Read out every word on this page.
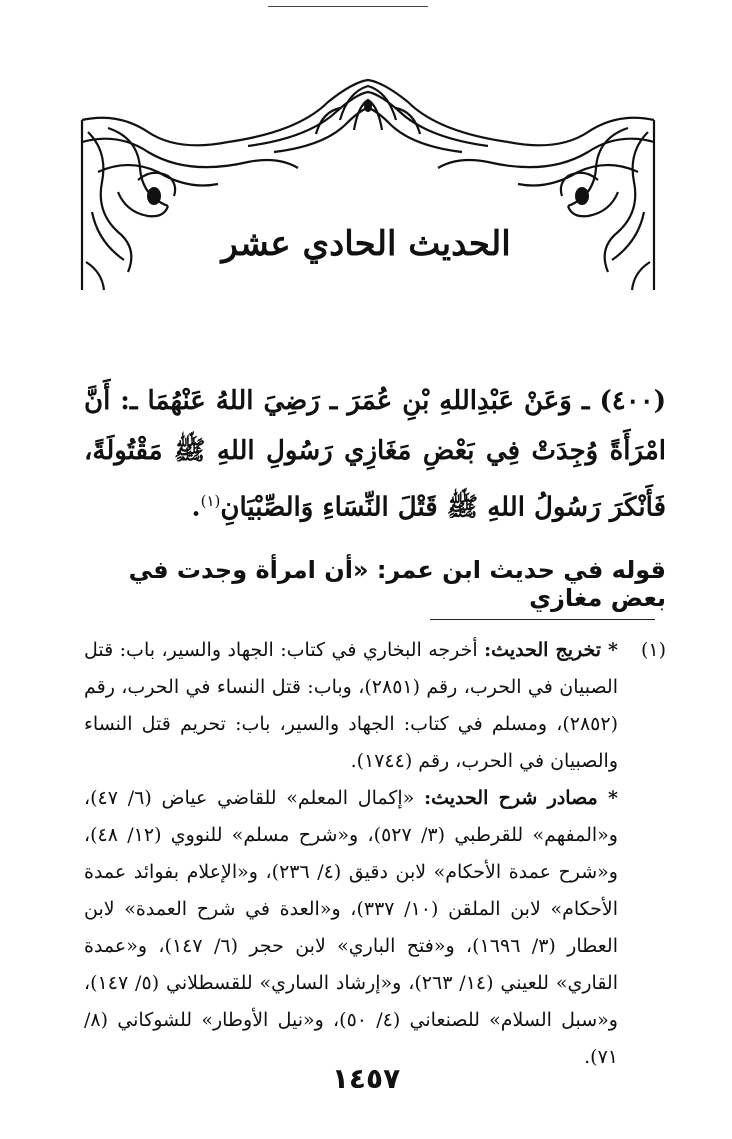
الحديث الحادي عشر
(٤٠٠) ـ وَعَنْ عَبْدِاللهِ بْنِ عُمَرَ ـ رَضِيَ اللهُ عَنْهُمَا ـ: أَنَّ امْرَأَةً وُجِدَتْ فِي بَعْضِ مَغَازِي رَسُولِ اللهِ ﷺ مَقْتُولَةً، فَأَنْكَرَ رَسُولُ اللهِ ﷺ قَتْلَ النِّسَاءِ وَالصِّبْيَانِ$^{(١)}$.
قوله في حديث ابن عمر: «أن امرأة وجدت في بعض مغازي
(١)

* تخريج الحديث: أخرجه البخاري في كتاب: الجهاد والسير، باب: قتل الصبيان في الحرب، رقم (٢٨٥١)، وباب: قتل النساء في الحرب، رقم (٢٨٥٢)، ومسلم في كتاب: الجهاد والسير، باب: تحريم قتل النساء والصبيان في الحرب، رقم (١٧٤٤).

* مصادر شرح الحديث: «إكمال المعلم» للقاضي عياض (٦/ ٤٧)، و«المفهم» للقرطبي (٣/ ٥٢٧)، و«شرح مسلم» للنووي (١٢/ ٤٨)، و«شرح عمدة الأحكام» لابن دقيق (٤/ ٢٣٦)، و«الإعلام بفوائد عمدة الأحكام» لابن الملقن (١٠/ ٣٣٧)، و«العدة في شرح العمدة» لابن العطار (٣/ ١٦٩٦)، و«فتح الباري» لابن حجر (٦/ ١٤٧)، و«عمدة القاري» للعيني (١٤/ ٢٦٣)، و«إرشاد الساري» للقسطلاني (٥/ ١٤٧)، و«سبل السلام» للصنعاني (٤/ ٥٠)، و«نيل الأوطار» للشوكاني (٨/ ٧١).

١٤٥٧
